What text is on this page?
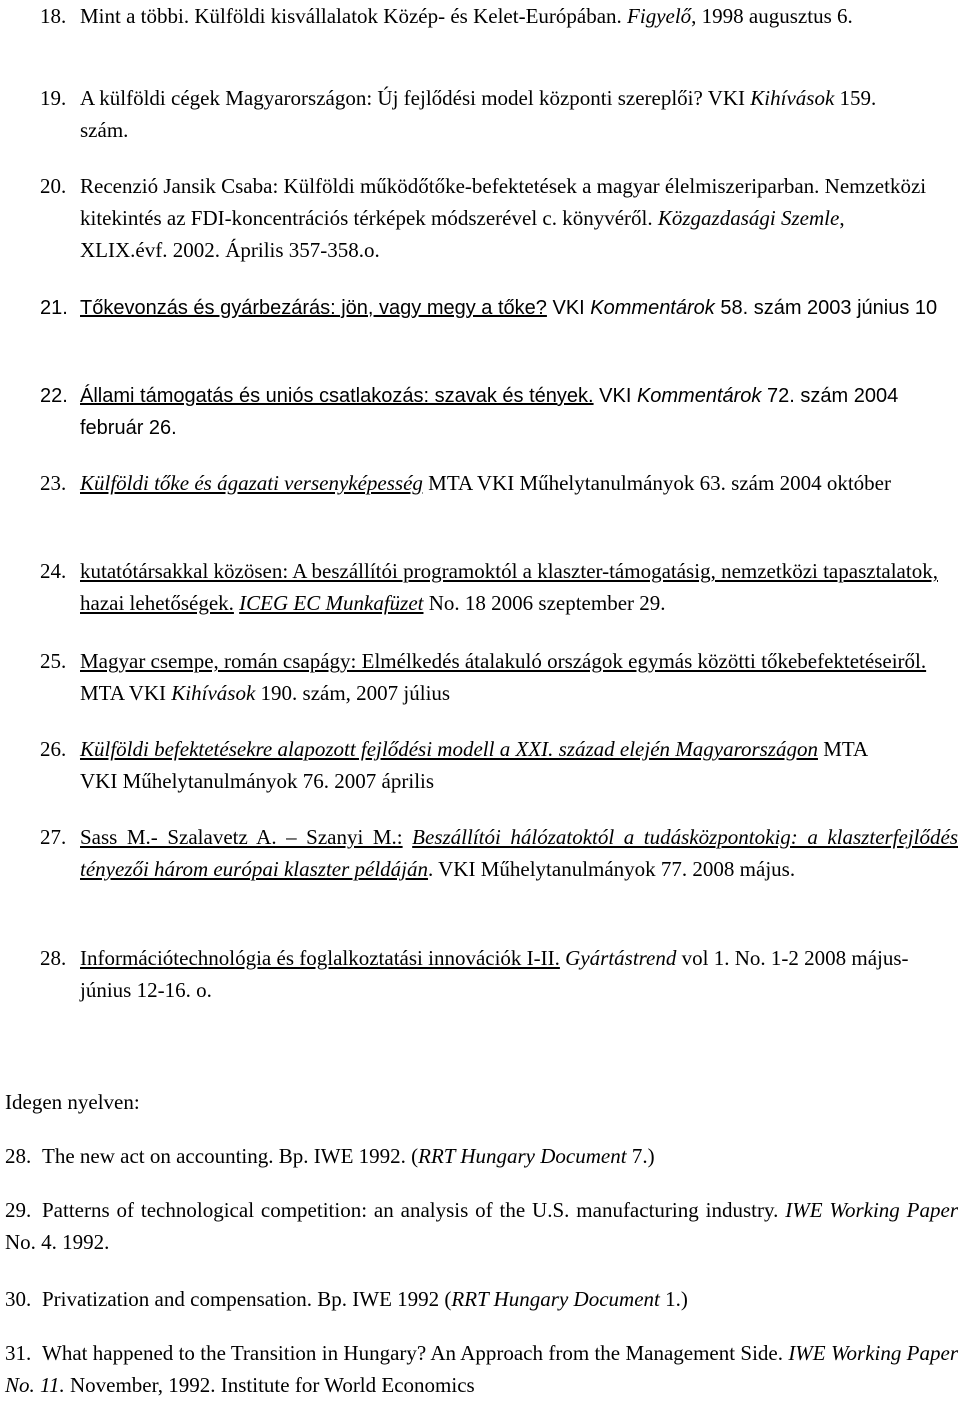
18. Mint a többi. Külföldi kisvállalatok Közép- és Kelet-Európában. Figyelő, 1998 augusztus 6.

19. A külföldi cégek Magyarországon: Új fejlődési model központi szereplői? VKI Kihívások 159. szám.

20. Recenzió Jansik Csaba: Külföldi működőtőke-befektetések a magyar élelmiszeriparban. Nemzetközi kitekintés az FDI-koncentrációs térképek módszerével c. könyvéről. Közgazdasági Szemle, XLIX.évf. 2002. Április 357-358.o.

21. Tőkevonzás és gyárbezárás: jön, vagy megy a tőke? VKI Kommentárok 58. szám 2003 június 10

22. Állami támogatás és uniós csatlakozás: szavak és tények. VKI Kommentárok 72. szám 2004 február 26.

23. Külföldi tőke és ágazati versenyképesség MTA VKI Műhelytanulmányok 63. szám 2004 október

24. kutatótársakkal közösen: A beszállítói programoktól a klaszter-támogatásig, nemzetközi tapasztalatok, hazai lehetőségek. ICEG EC Munkafüzet No. 18 2006 szeptember 29.

25. Magyar csempe, román csapágy: Elmélkedés átalakuló országok egymás közötti tőkebefektetéseiről. MTA VKI Kihívások 190. szám, 2007 július

26. Külföldi befektetésekre alapozott fejlődési modell a XXI. század elején Magyarországon MTA VKI Műhelytanulmányok 76. 2007 április

27. Sass M.- Szalavetz A. – Szanyi M.: Beszállítói hálózatoktól a tudásközpontokig: a klaszterfejlődés tényezői három európai klaszter példáján. VKI Műhelytanulmányok 77. 2008 május.

28. Információtechnológia és foglalkoztatási innovációk I-II. Gyártástrend vol 1. No. 1-2 2008 május-június 12-16. o.

Idegen nyelven:
28. The new act on accounting. Bp. IWE 1992. (RRT Hungary Document 7.)

29. Patterns of technological competition: an analysis of the U.S. manufacturing industry. IWE Working Paper No. 4. 1992.

30. Privatization and compensation. Bp. IWE 1992 (RRT Hungary Document 1.)

31. What happened to the Transition in Hungary? An Approach from the Management Side. IWE Working Paper No. 11. November, 1992. Institute for World Economics
